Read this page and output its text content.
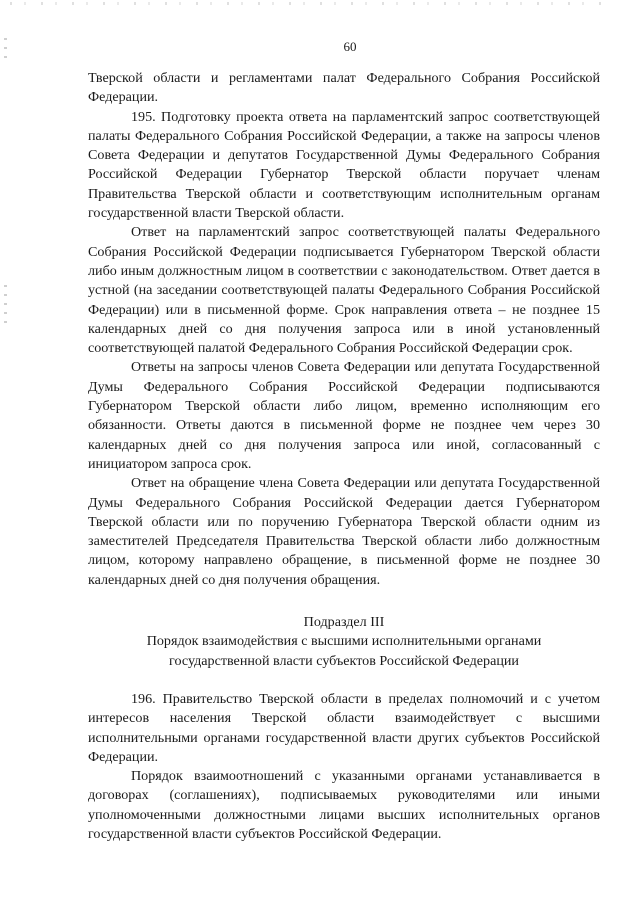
60

Тверской области и регламентами палат Федерального Собрания Российской Федерации.

195. Подготовку проекта ответа на парламентский запрос соответствующей палаты Федерального Собрания Российской Федерации, а также на запросы членов Совета Федерации и депутатов Государственной Думы Федерального Собрания Российской Федерации Губернатор Тверской области поручает членам Правительства Тверской области и соответствующим исполнительным органам государственной власти Тверской области.

Ответ на парламентский запрос соответствующей палаты Федерального Собрания Российской Федерации подписывается Губернатором Тверской области либо иным должностным лицом в соответствии с законодательством. Ответ дается в устной (на заседании соответствующей палаты Федерального Собрания Российской Федерации) или в письменной форме. Срок направления ответа – не позднее 15 календарных дней со дня получения запроса или в иной установленный соответствующей палатой Федерального Собрания Российской Федерации срок.

Ответы на запросы членов Совета Федерации или депутата Государственной Думы Федерального Собрания Российской Федерации подписываются Губернатором Тверской области либо лицом, временно исполняющим его обязанности. Ответы даются в письменной форме не позднее чем через 30 календарных дней со дня получения запроса или иной, согласованный с инициатором запроса срок.

Ответ на обращение члена Совета Федерации или депутата Государственной Думы Федерального Собрания Российской Федерации дается Губернатором Тверской области или по поручению Губернатора Тверской области одним из заместителей Председателя Правительства Тверской области либо должностным лицом, которому направлено обращение, в письменной форме не позднее 30 календарных дней со дня получения обращения.

Подраздел III

Порядок взаимодействия с высшими исполнительными органами

государственной власти субъектов Российской Федерации

196. Правительство Тверской области в пределах полномочий и с учетом интересов населения Тверской области взаимодействует с высшими исполнительными органами государственной власти других субъектов Российской Федерации.

Порядок взаимоотношений с указанными органами устанавливается в договорах (соглашениях), подписываемых руководителями или иными уполномоченными должностными лицами высших исполнительных органов государственной власти субъектов Российской Федерации.
